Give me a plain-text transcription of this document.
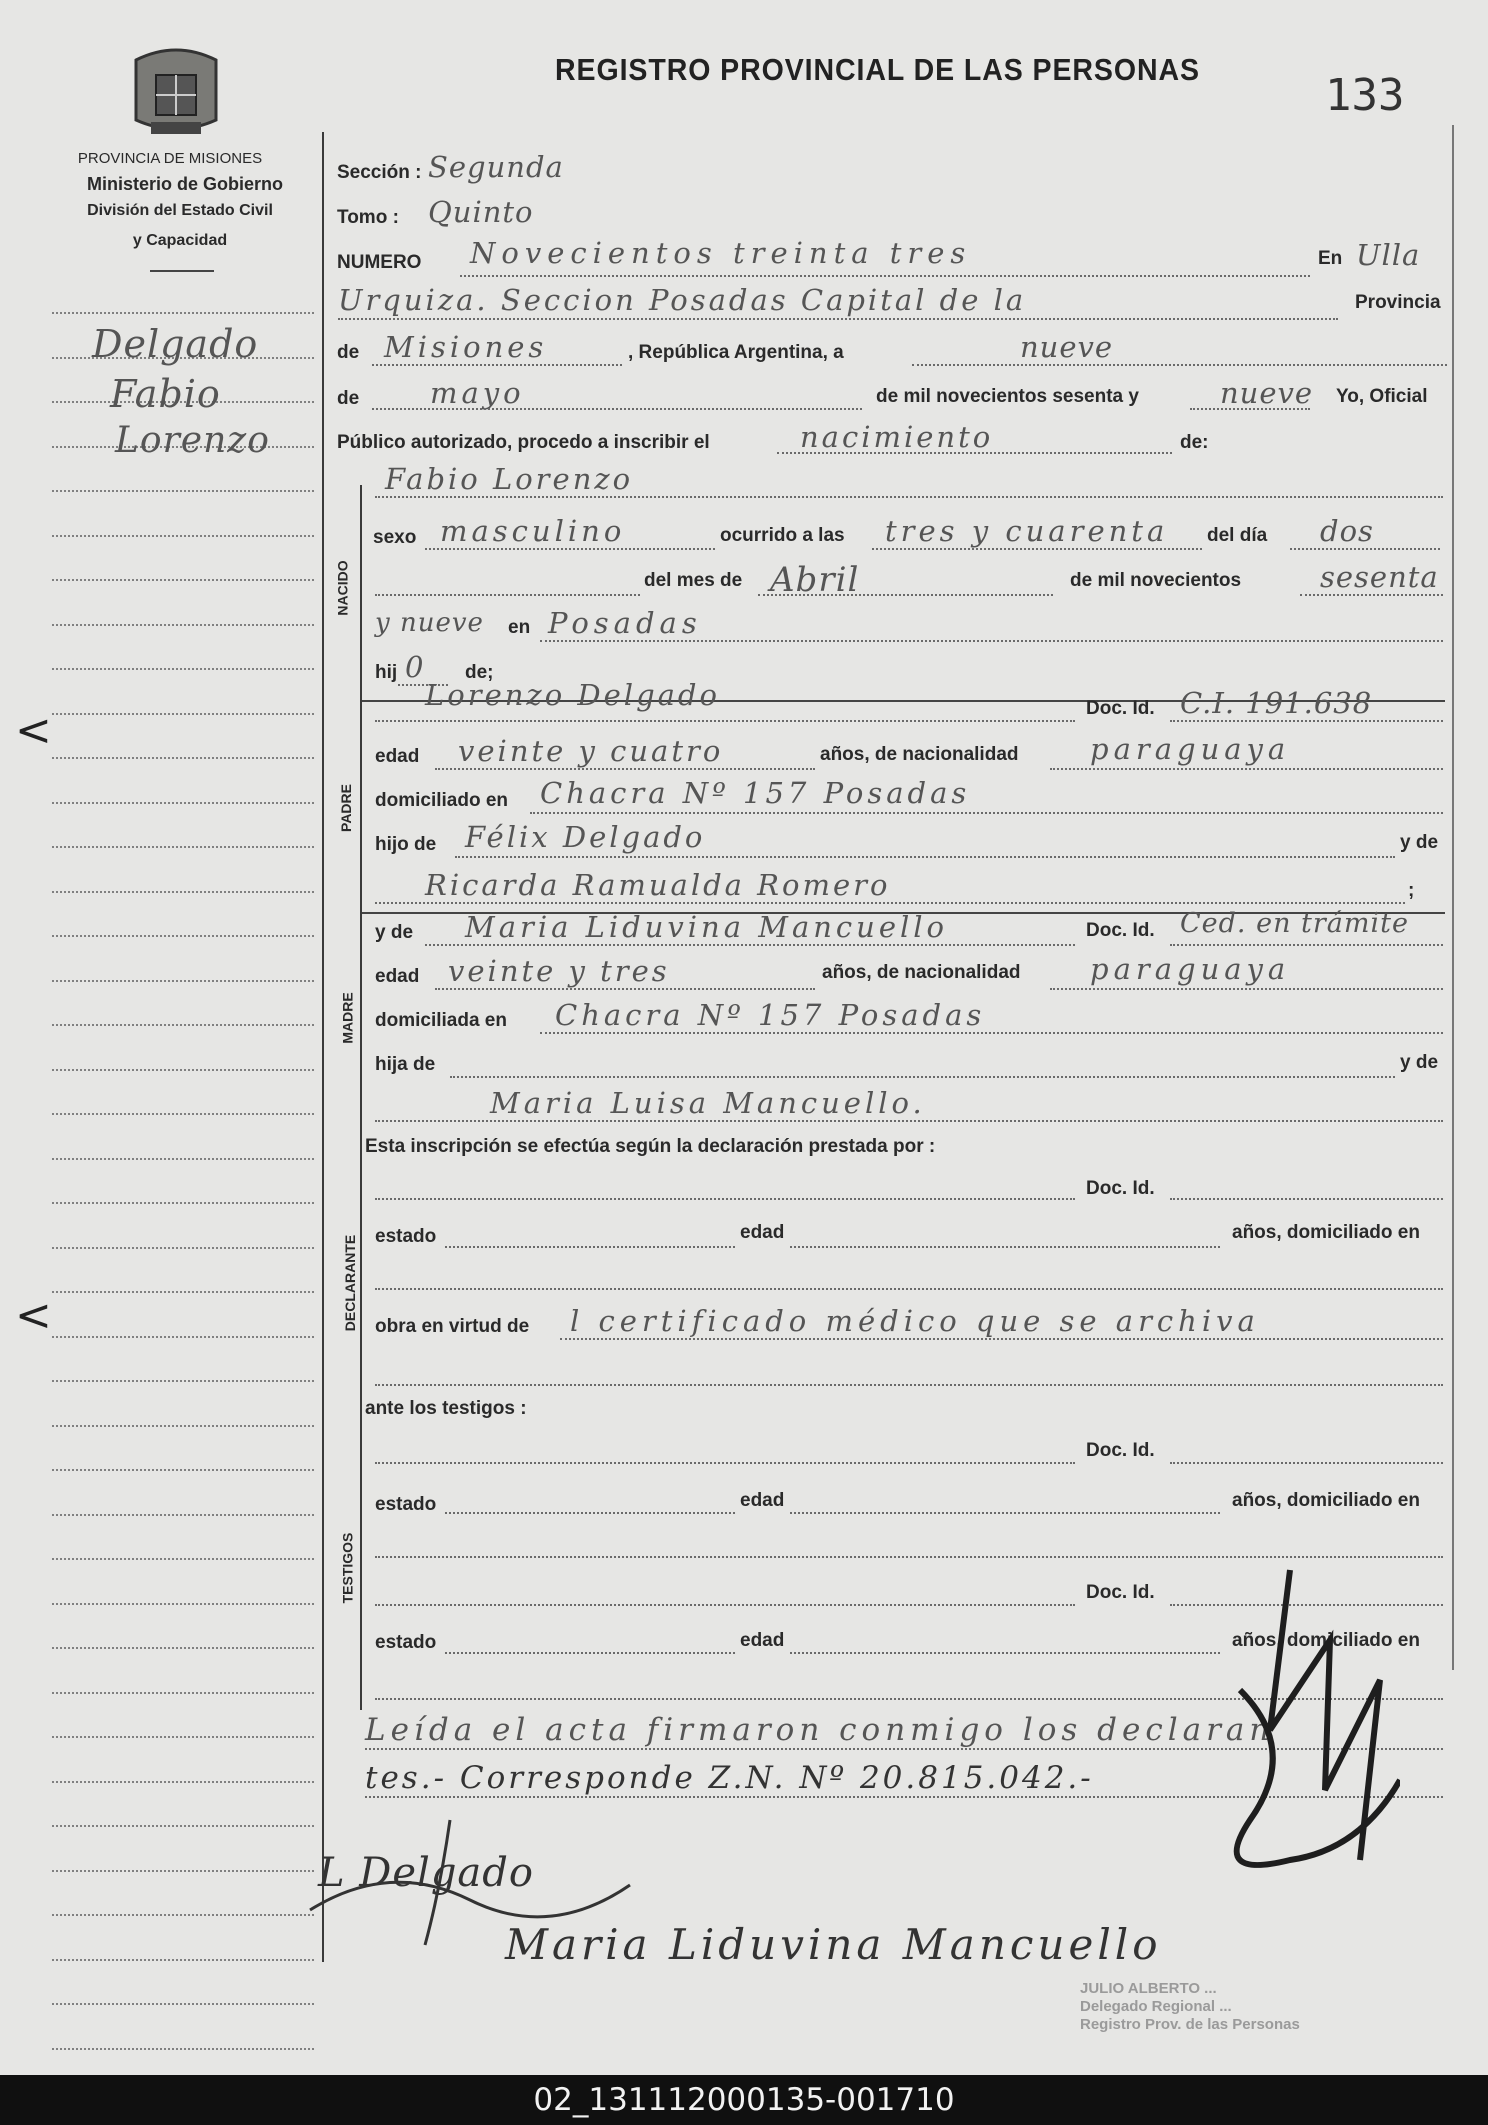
PROVINCIA DE MISIONES
Ministerio de Gobierno
División del Estado Civil
y Capacidad
REGISTRO PROVINCIAL DE LAS PERSONAS
133
Delgado
Fabio
Lorenzo
Sección : Segunda
Tomo : Quinto
NUMERO Novecientos treinta tres	En Ulla
Urquiza. Seccion Posadas Capital de la	Provincia
de Misiones	, República Argentina, a	nueve
de mayo	de mil novecientos sesenta y	nueve Yo, Oficial
Público autorizado, procedo a inscribir el	nacimiento	de:
NACIDO
Fabio Lorenzo
sexo masculino	ocurrido a las tres y cuarenta del día dos
del mes de Abril	de mil novecientos	sesenta
y nueve en Posadas
hij 0 de;
PADRE
Lorenzo Delgado	Doc. Id. C.I. 191.638
edad veinte y cuatro	años, de nacionalidad paraguaya
domiciliado en Chacra Nº 157 Posadas
hijo de Félix Delgado	y de
Ricarda Ramualda Romero	;
MADRE
y de Maria Liduvina Mancuello	Doc. Id. Ced. en trámite
edad veinte y tres	años, de nacionalidad paraguaya
domiciliada en Chacra Nº 157 Posadas
hija de	y de
Maria Luisa Mancuello.
Esta inscripción se efectúa según la declaración prestada por :
DECLARANTE
Doc. Id.
estado	edad	años, domiciliado en
obra en virtud de l certificado médico que se archiva
ante los testigos :
TESTIGOS
Doc. Id.
estado	edad	años, domiciliado en
Doc. Id.
estado	edad	años, domiciliado en
Leída el acta firmaron conmigo los declaran
tes.- Corresponde Z.N. Nº 20.815.042.-
L Delgado
Maria Liduvina Mancuello
JULIO ALBERTO ...
Delegado Regional ...
Registro Prov. de las Personas
<
<
02_131112000135-001710
